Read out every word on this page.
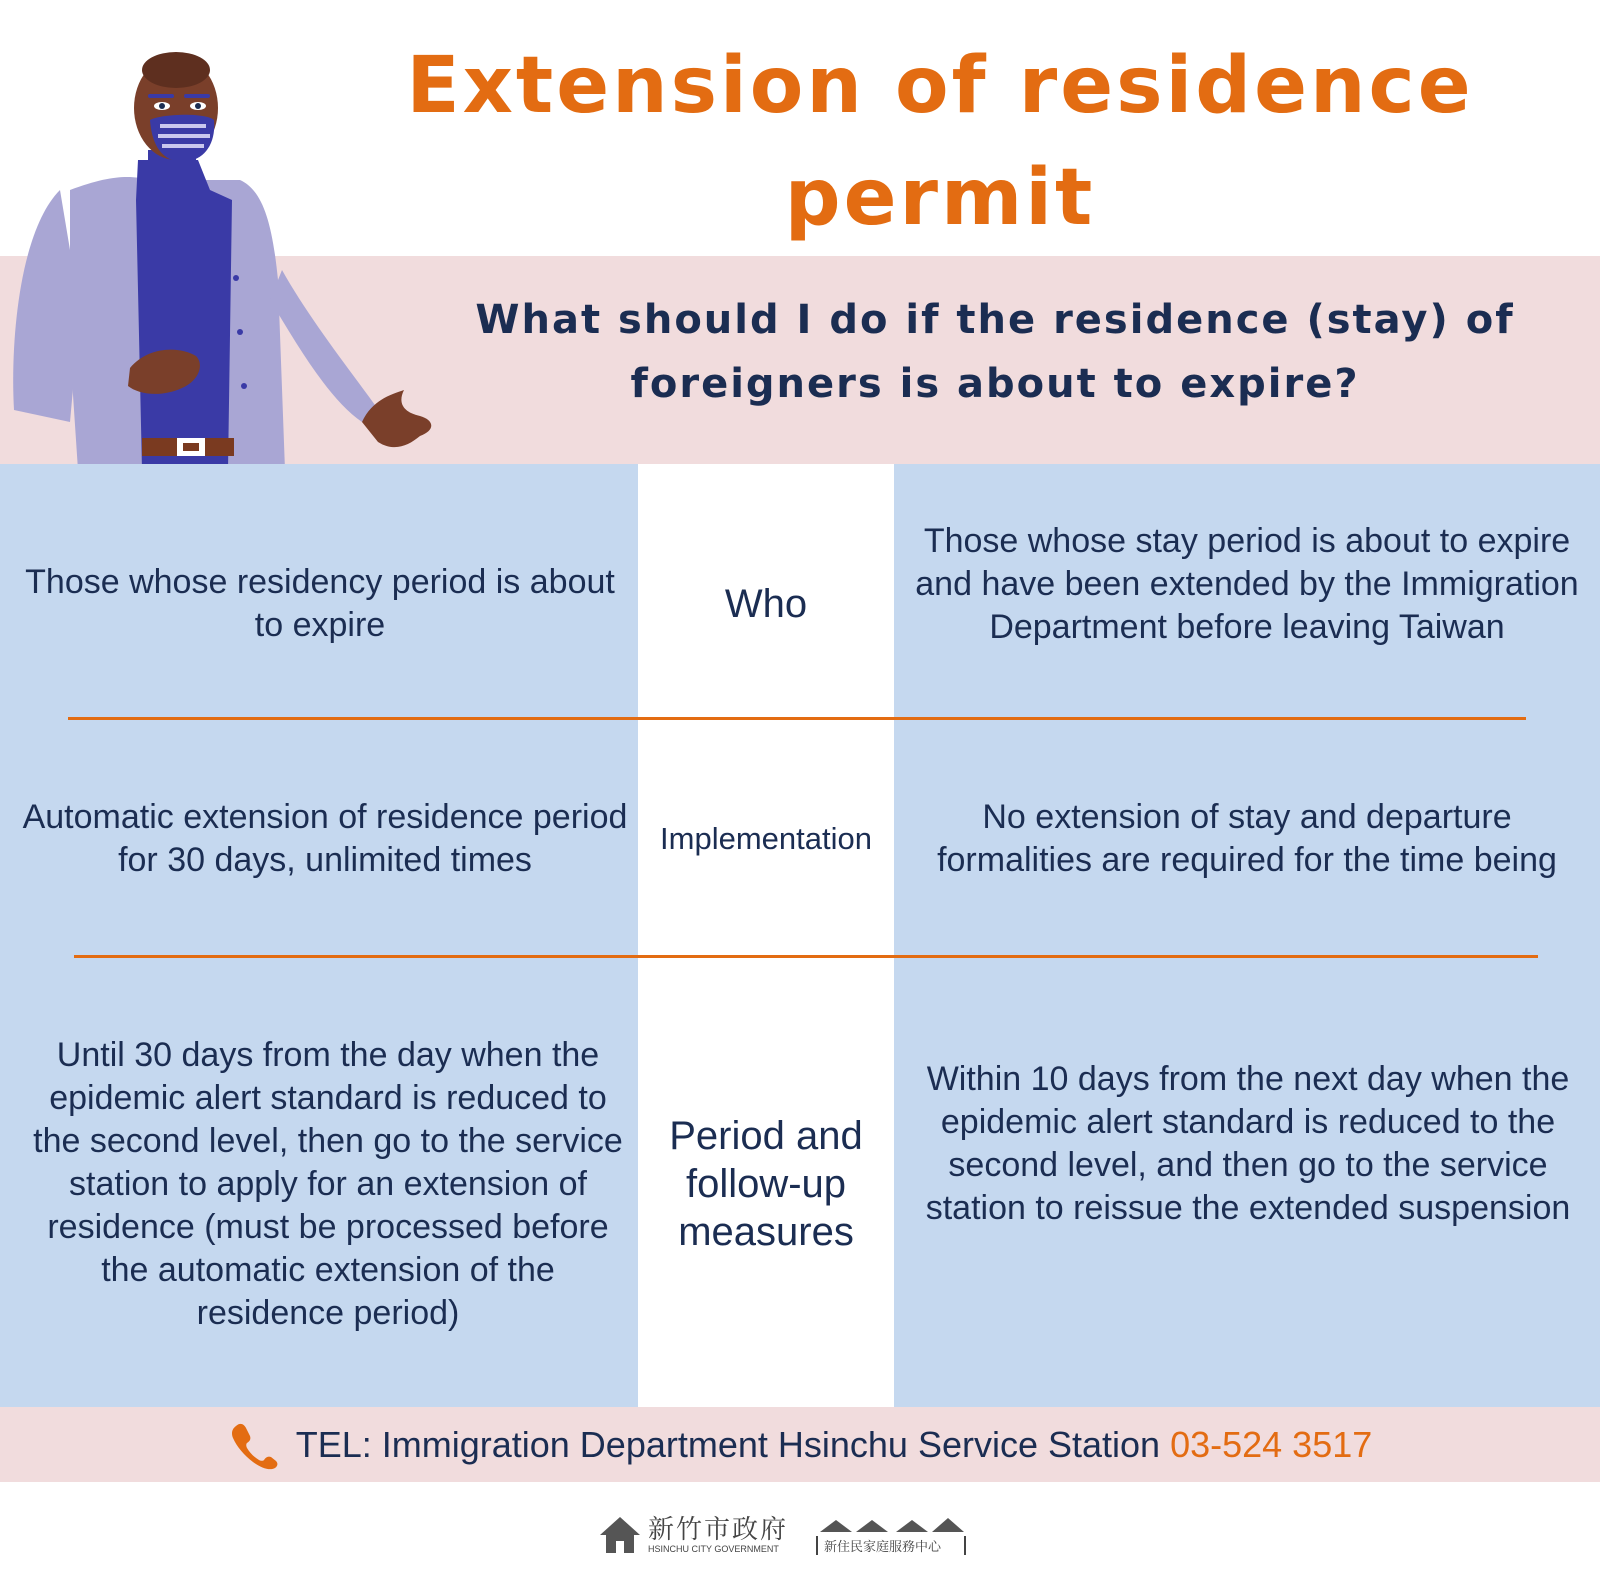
Extension of residence permit
What should I do if the residence (stay) of foreigners is about to expire?
Those whose residency period is about to expire	Who
Those whose stay period is about to expire and have been extended by the Immigration Department before leaving Taiwan
Automatic extension of residence period for 30 days, unlimited times
Implementation
No extension of stay and departure formalities are required for the time being
Until 30 days from the day when the epidemic alert standard is reduced to the second level, then go to the service station to apply for an extension of residence (must be processed before the automatic extension of the residence period)
Period and follow-up measures
Within 10 days from the next day when the epidemic alert standard is reduced to the second level, and then go to the service station to reissue the extended suspension
TEL: Immigration Department Hsinchu Service Station 03-524 3517
新竹市政府
HSINCHU CITY GOVERNMENT	新住民家庭服務中心
